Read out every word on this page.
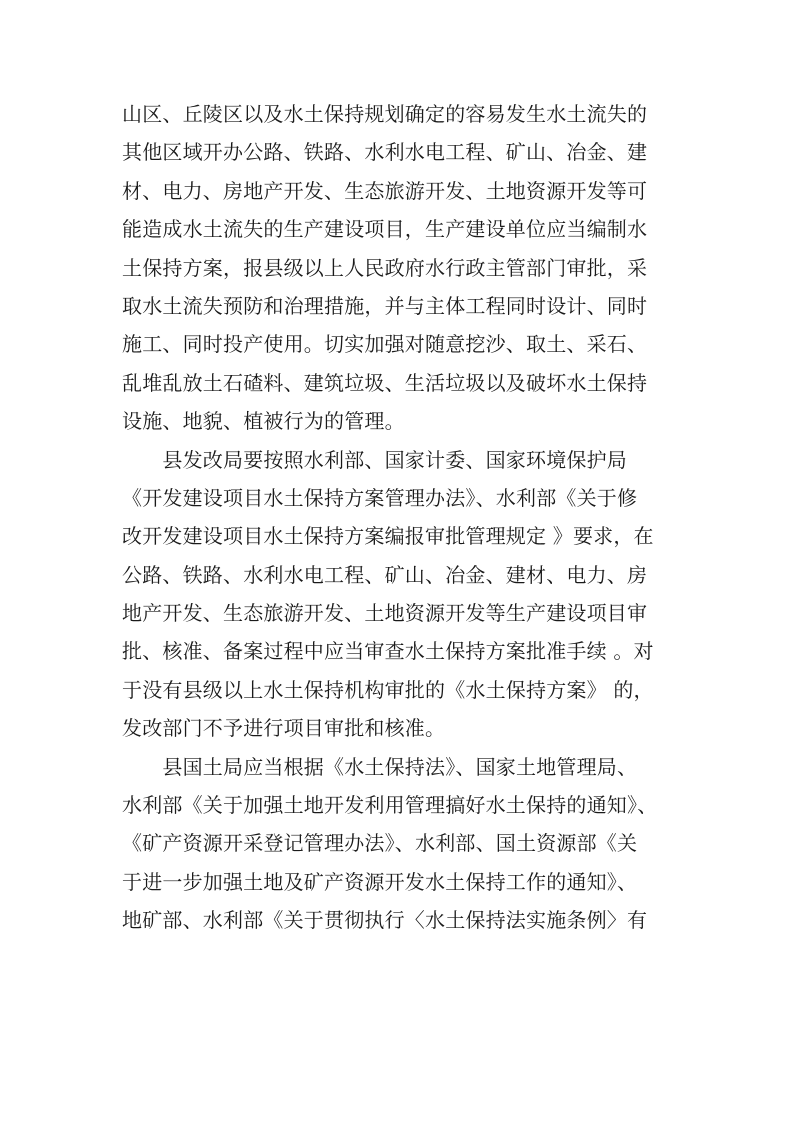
山区、丘陵区以及水土保持规划确定的容易发生水土流失的
其他区域开办公路、铁路、水利水电工程、矿山、冶金、建
材、电力、房地产开发、生态旅游开发、土地资源开发等可
能造成水土流失的生产建设项目，生产建设单位应当编制水
土保持方案，报县级以上人民政府水行政主管部门审批，采
取水土流失预防和治理措施，并与主体工程同时设计、同时
施工、同时投产使用。切实加强对随意挖沙、取土、采石、
乱堆乱放土石碴料、建筑垃圾、生活垃圾以及破坏水土保持
设施、地貌、植被行为的管理。
　　县发改局要按照水利部、国家计委、国家环境保护局
《开发建设项目水土保持方案管理办法》、水利部《关于修
改开发建设项目水土保持方案编报审批管理规定 》要求，在
公路、铁路、水利水电工程、矿山、冶金、建材、电力、房
地产开发、生态旅游开发、土地资源开发等生产建设项目审
批、核准、备案过程中应当审查水土保持方案批准手续 。对
于没有县级以上水土保持机构审批的《水土保持方案》 的，
发改部门不予进行项目审批和核准。
　　县国土局应当根据《水土保持法》、国家土地管理局、
水利部《关于加强土地开发利用管理搞好水土保持的通知》、
《矿产资源开采登记管理办法》、水利部、国土资源部《关
于进一步加强土地及矿产资源开发水土保持工作的通知》、
地矿部、水利部《关于贯彻执行〈水土保持法实施条例〉有
